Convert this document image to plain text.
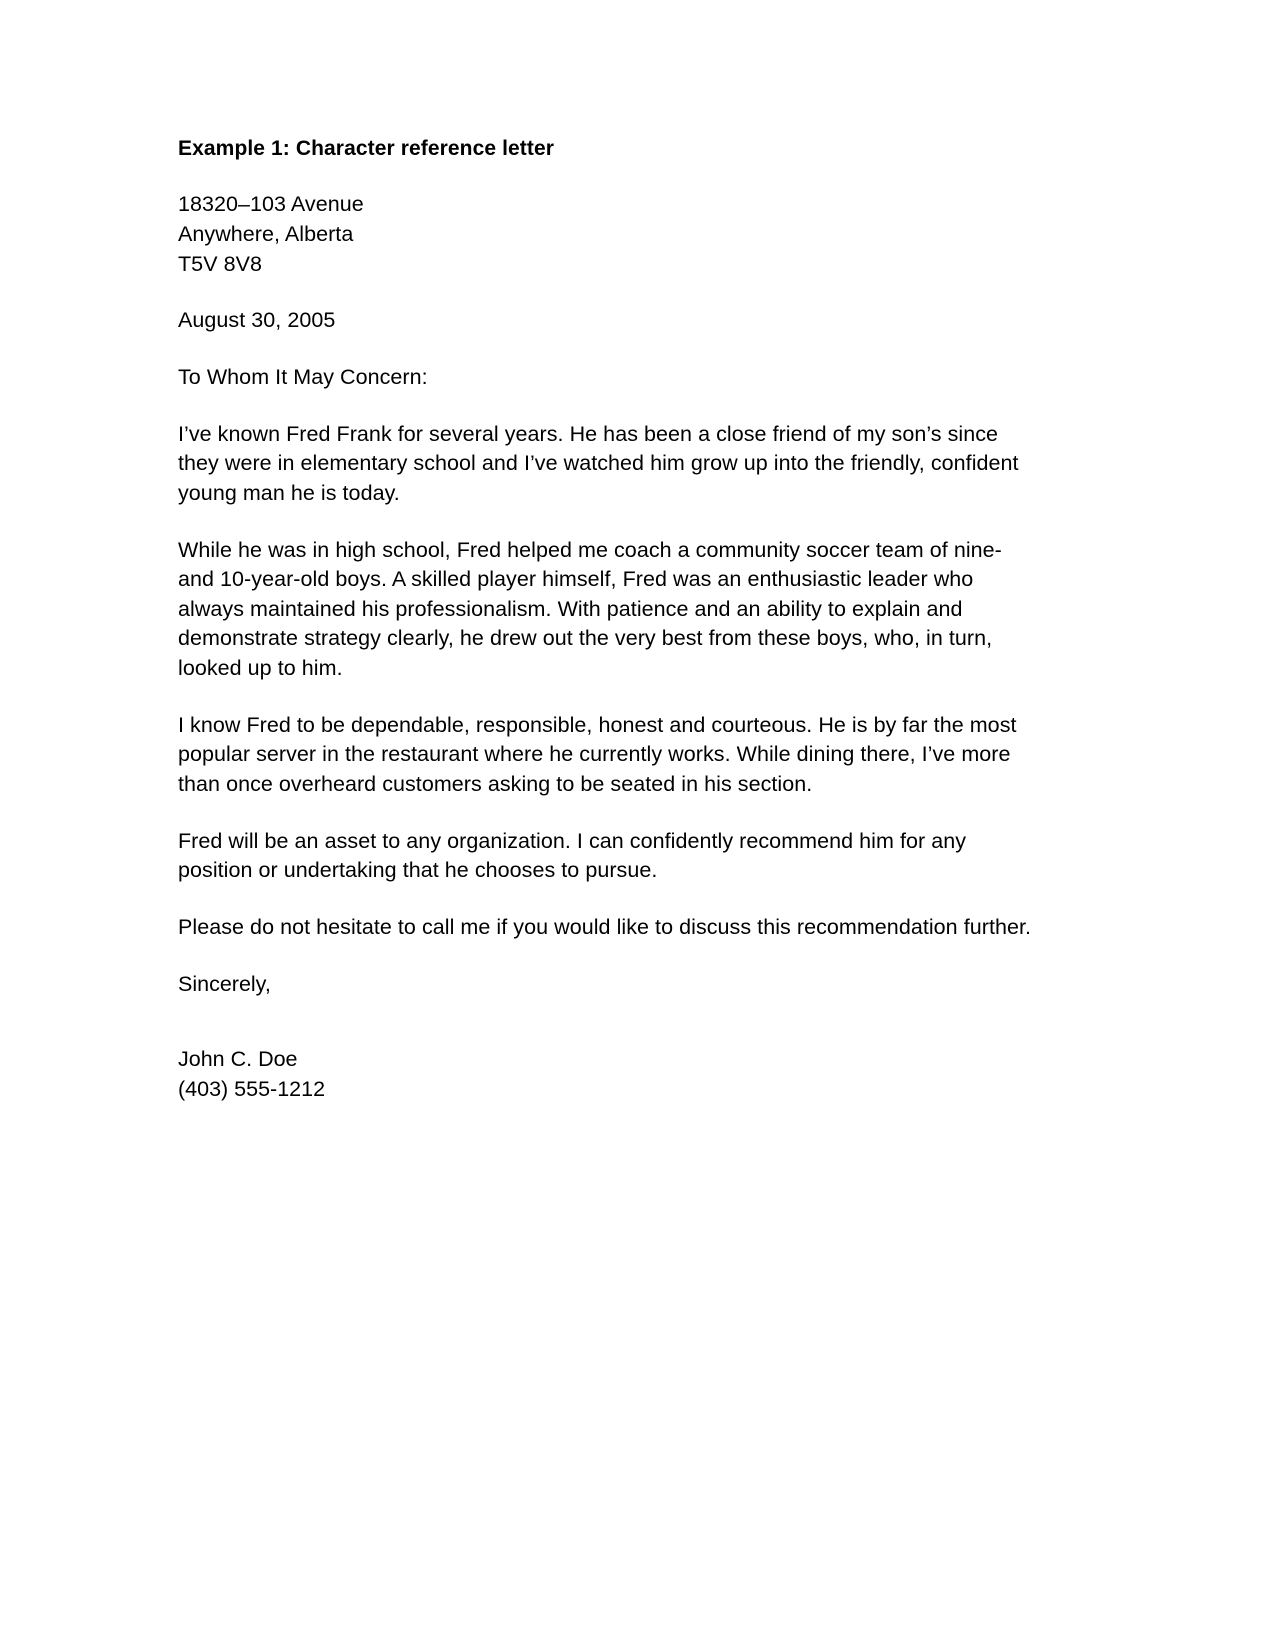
Example 1: Character reference letter
18320–103 Avenue
Anywhere, Alberta
T5V 8V8
August 30, 2005
To Whom It May Concern:

I’ve known Fred Frank for several years. He has been a close friend of my son’s since they were in elementary school and I’ve watched him grow up into the friendly, confident young man he is today.

While he was in high school, Fred helped me coach a community soccer team of nine- and 10-year-old boys. A skilled player himself, Fred was an enthusiastic leader who always maintained his professionalism. With patience and an ability to explain and demonstrate strategy clearly, he drew out the very best from these boys, who, in turn, looked up to him.

I know Fred to be dependable, responsible, honest and courteous. He is by far the most popular server in the restaurant where he currently works. While dining there, I’ve more than once overheard customers asking to be seated in his section.

Fred will be an asset to any organization. I can confidently recommend him for any position or undertaking that he chooses to pursue.

Please do not hesitate to call me if you would like to discuss this recommendation further.

Sincerely,
John C. Doe
(403) 555-1212
